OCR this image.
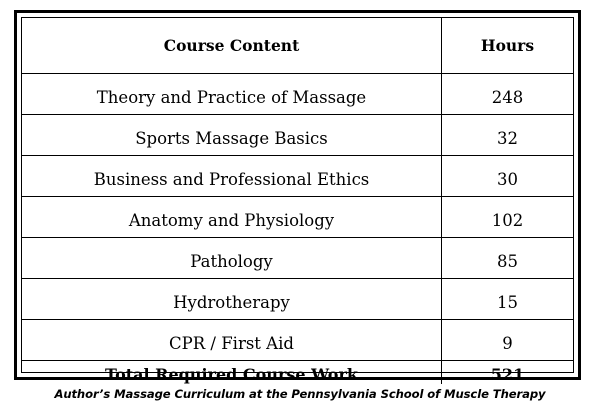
Course Content	Hours
Theory and Practice of Massage	248
Sports Massage Basics	32
Business and Professional Ethics	30
Anatomy and Physiology	102
Pathology	85
Hydrotherapy	15
CPR / First Aid	9
Total Required Course Work	521
Author’s Massage Curriculum at the Pennsylvania School of Muscle Therapy
